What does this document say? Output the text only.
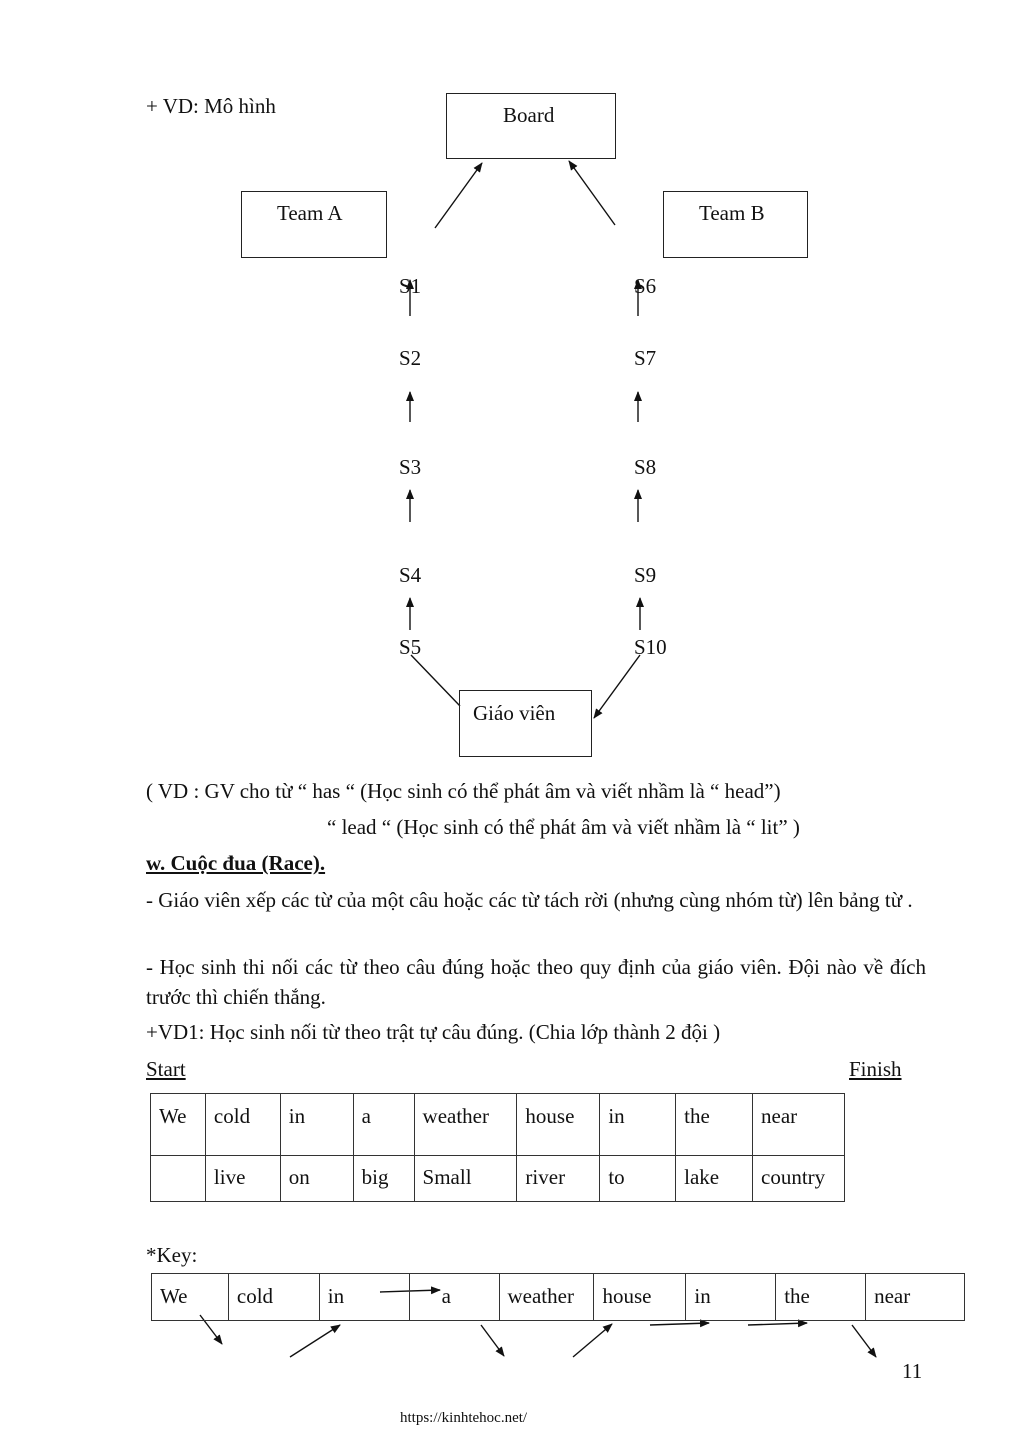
+ VD: Mô hình	Board
Team A	Team B
S1
S2
S3
S4
S5
S6
S7
S8
S9
S10
Giáo viên
( VD : GV cho từ “ has “ (Học sinh có thể phát âm và viết nhầm là “ head”)
“ lead “ (Học sinh có thể phát âm và viết nhầm là “ lit” )
w. Cuộc đua (Race).
- Giáo viên xếp các từ của một câu hoặc các từ tách rời (nhưng cùng nhóm từ) lên bảng từ .
- Học sinh thi nối các từ theo câu đúng hoặc theo quy định của giáo viên. Đội nào về đích trước thì chiến thắng.
+VD1: Học sinh nối từ theo trật tự câu đúng. (Chia lớp thành 2 đội )
Start	Finish
We	cold	in	a	weather	house	in	the	near
	live	on	big	Small	river	to	lake	country
*Key:
We	cold	in	a	weather	house	in	the	near
11
https://kinhtehoc.net/
